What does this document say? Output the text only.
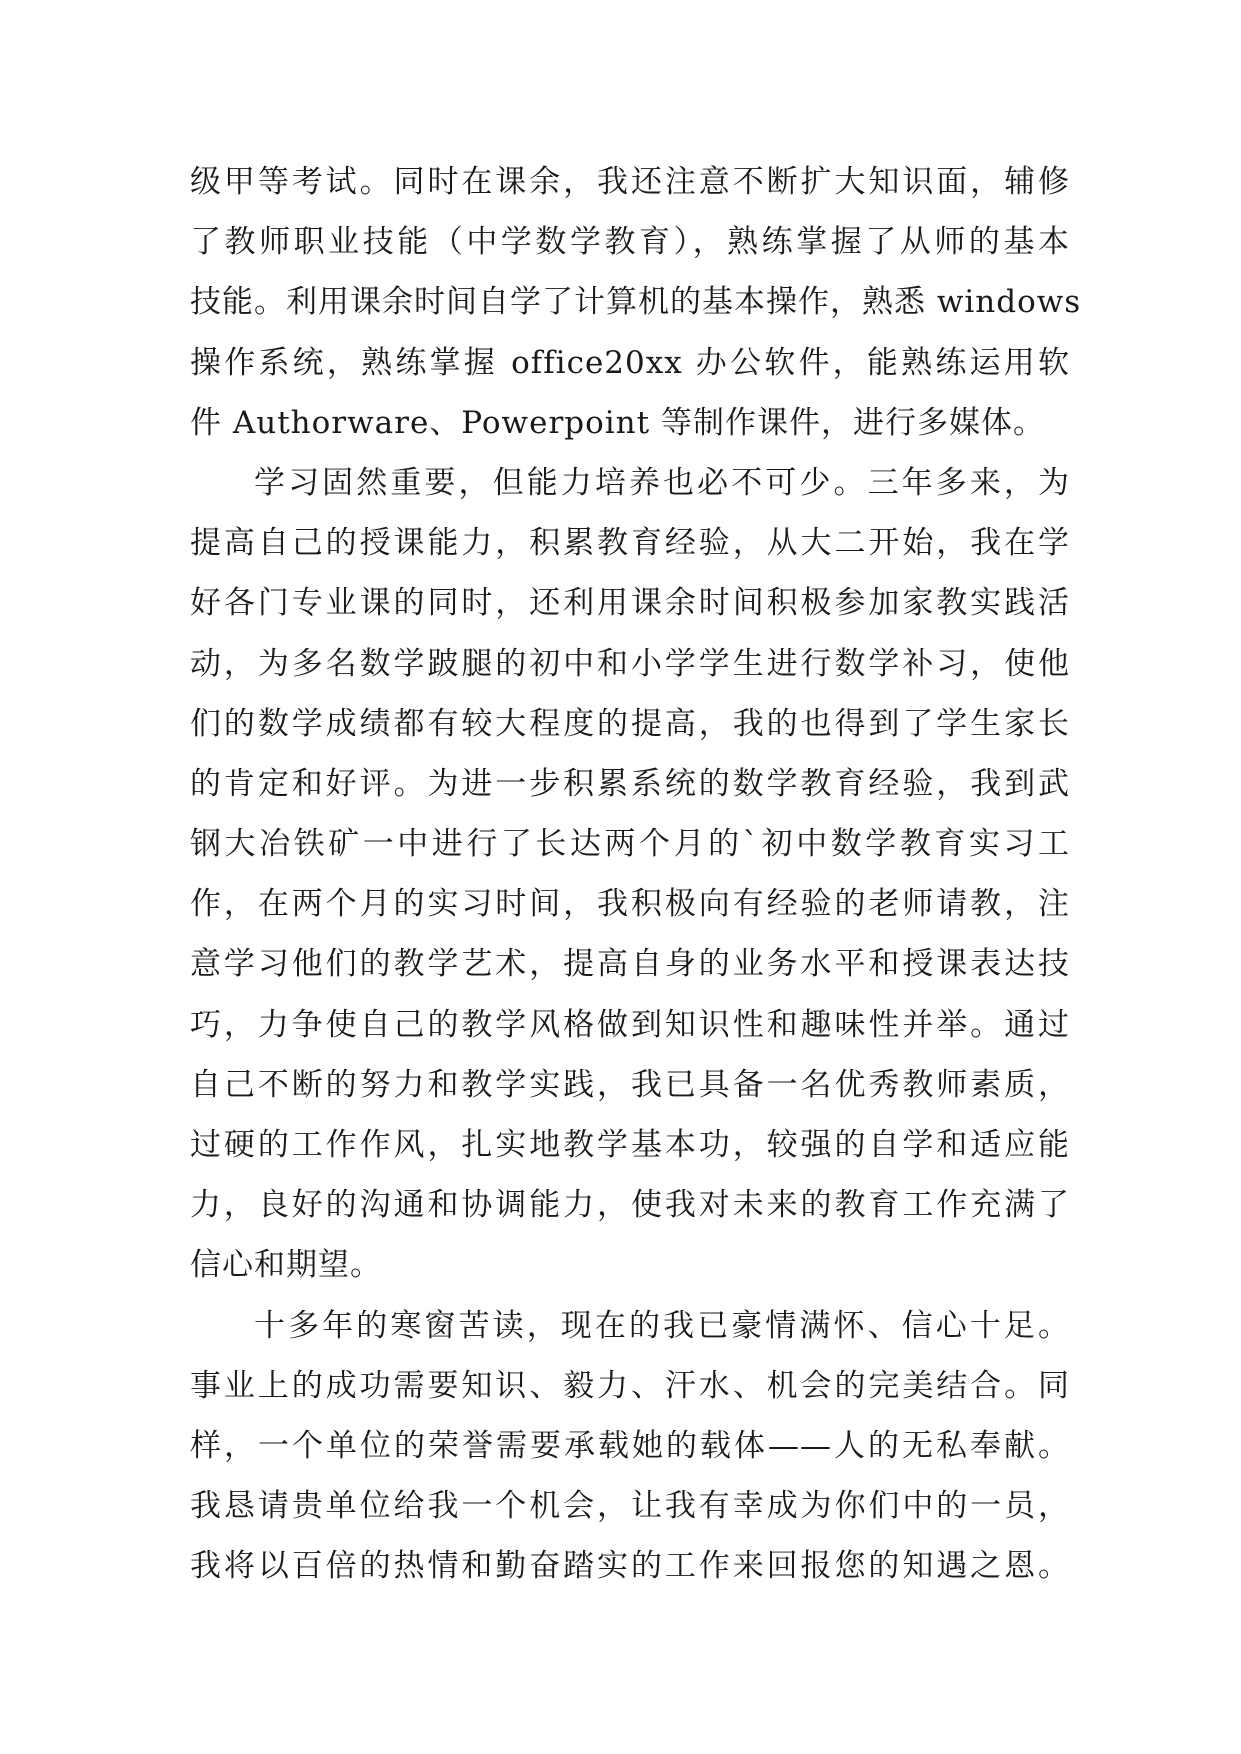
级甲等考试。同时在课余，我还注意不断扩大知识面，辅修
了教师职业技能（中学数学教育），熟练掌握了从师的基本
技能。利用课余时间自学了计算机的基本操作，熟悉 windows
操作系统，熟练掌握 office20xx 办公软件，能熟练运用软
件 Authorware、Powerpoint 等制作课件，进行多媒体。
学习固然重要，但能力培养也必不可少。三年多来，为
提高自己的授课能力，积累教育经验，从大二开始，我在学
好各门专业课的同时，还利用课余时间积极参加家教实践活
动，为多名数学跛腿的初中和小学学生进行数学补习，使他
们的数学成绩都有较大程度的提高，我的也得到了学生家长
的肯定和好评。为进一步积累系统的数学教育经验，我到武
钢大冶铁矿一中进行了长达两个月的`初中数学教育实习工
作，在两个月的实习时间，我积极向有经验的老师请教，注
意学习他们的教学艺术，提高自身的业务水平和授课表达技
巧，力争使自己的教学风格做到知识性和趣味性并举。通过
自己不断的努力和教学实践，我已具备一名优秀教师素质，
过硬的工作作风，扎实地教学基本功，较强的自学和适应能
力，良好的沟通和协调能力，使我对未来的教育工作充满了
信心和期望。
十多年的寒窗苦读，现在的我已豪情满怀、信心十足。
事业上的成功需要知识、毅力、汗水、机会的完美结合。同
样，一个单位的荣誉需要承载她的载体——人的无私奉献。
我恳请贵单位给我一个机会，让我有幸成为你们中的一员，
我将以百倍的热情和勤奋踏实的工作来回报您的知遇之恩。
